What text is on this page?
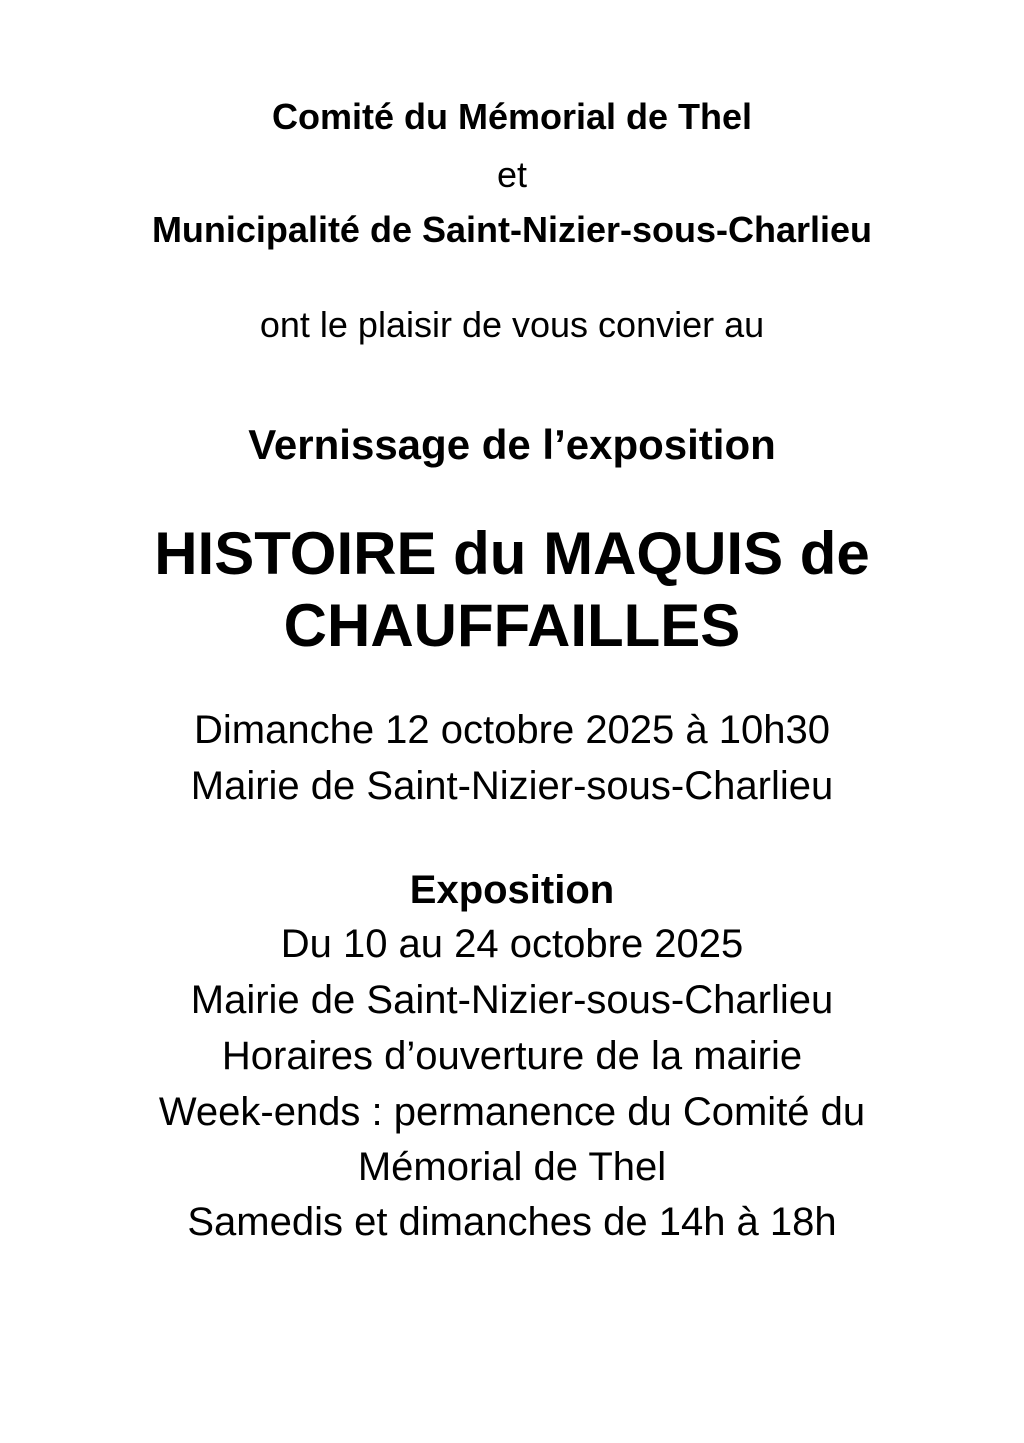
Comité du Mémorial de Thel
et
Municipalité de Saint-Nizier-sous-Charlieu
ont le plaisir de vous convier au
Vernissage de l’exposition
HISTOIRE du MAQUIS de
CHAUFFAILLES
Dimanche 12 octobre 2025 à 10h30
Mairie de Saint-Nizier-sous-Charlieu
Exposition
Du 10 au 24 octobre 2025
Mairie de Saint-Nizier-sous-Charlieu
Horaires d’ouverture de la mairie
Week-ends : permanence du Comité du
Mémorial de Thel
Samedis et dimanches de 14h à 18h
